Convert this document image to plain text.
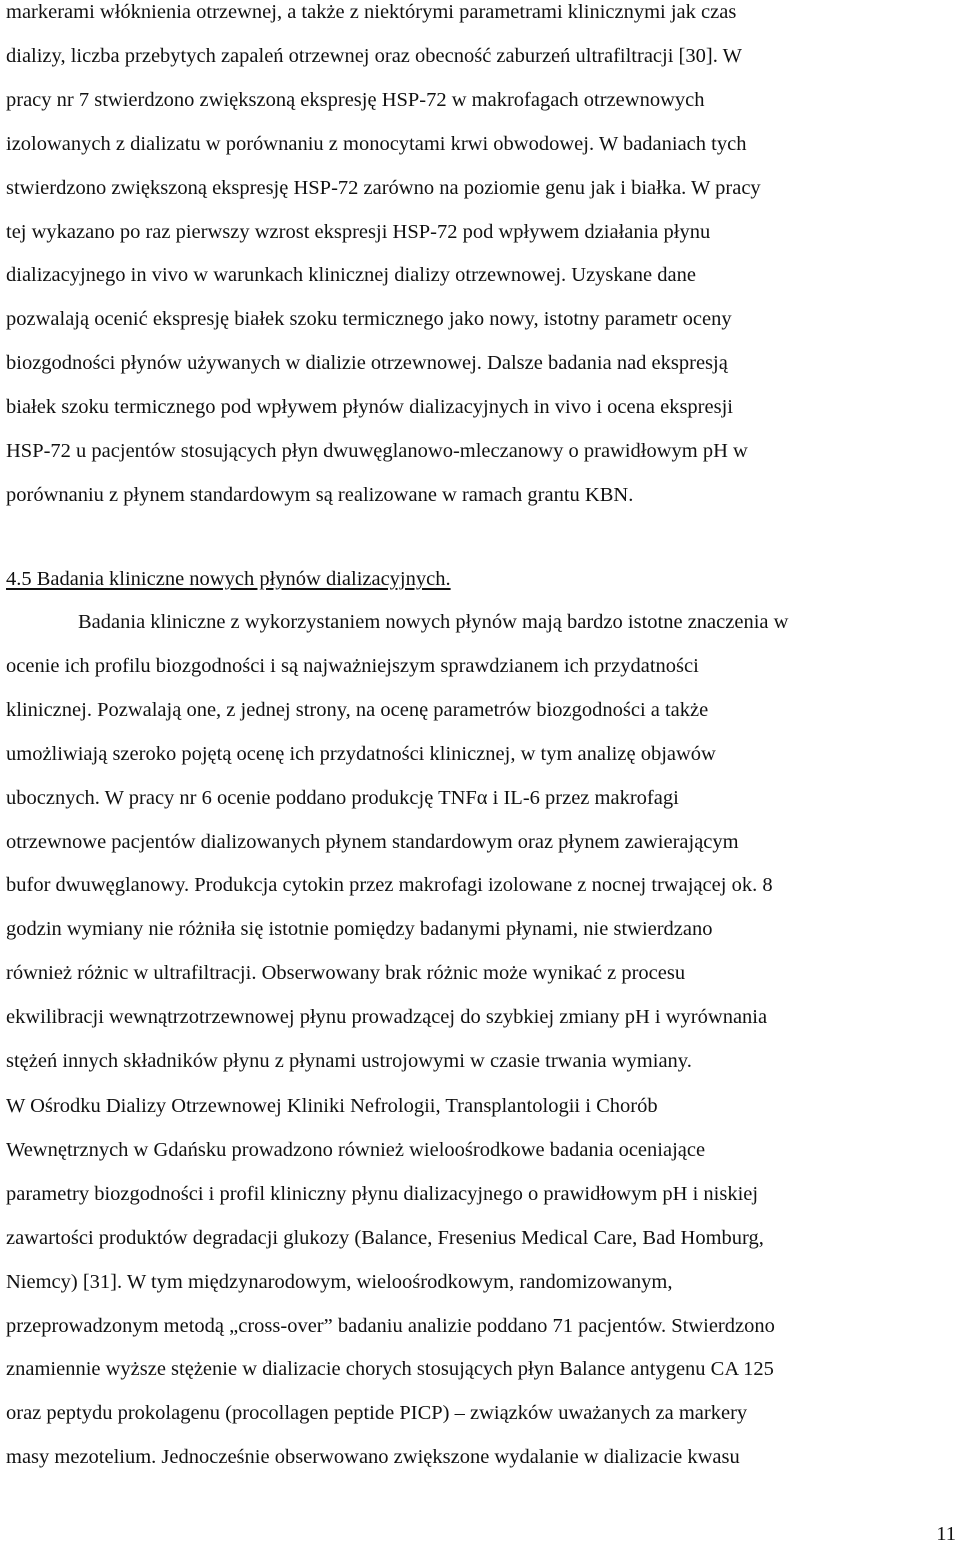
markerami włóknienia otrzewnej, a także z niektórymi parametrami klinicznymi jak czas
dializy, liczba przebytych zapaleń otrzewnej oraz obecność zaburzeń ultrafiltracji [30]. W
pracy nr 7 stwierdzono zwiększoną ekspresję HSP-72 w makrofagach otrzewnowych
izolowanych z dializatu w porównaniu z monocytami krwi obwodowej. W badaniach tych
stwierdzono zwiększoną ekspresję HSP-72 zarówno na poziomie genu jak i białka. W pracy
tej wykazano po raz pierwszy wzrost ekspresji HSP-72 pod wpływem działania płynu
dializacyjnego in vivo w warunkach klinicznej dializy otrzewnowej. Uzyskane dane
pozwalają ocenić ekspresję białek szoku termicznego jako nowy, istotny parametr oceny
biozgodności płynów używanych w dializie otrzewnowej. Dalsze badania nad ekspresją
białek szoku termicznego pod wpływem płynów dializacyjnych in vivo i ocena ekspresji
HSP-72 u pacjentów stosujących płyn dwuwęglanowo-mleczanowy o prawidłowym pH w
porównaniu z płynem standardowym są realizowane w ramach grantu KBN.
4.5 Badania kliniczne nowych płynów dializacyjnych.
Badania kliniczne z wykorzystaniem nowych płynów mają bardzo istotne znaczenia w
ocenie ich profilu biozgodności i są najważniejszym sprawdzianem ich przydatności
klinicznej. Pozwalają one, z jednej strony, na ocenę parametrów biozgodności a także
umożliwiają szeroko pojętą ocenę ich przydatności klinicznej, w tym analizę objawów
ubocznych. W pracy nr 6 ocenie poddano produkcję TNFα i IL-6 przez makrofagi
otrzewnowe pacjentów dializowanych płynem standardowym oraz płynem zawierającym
bufor dwuwęglanowy. Produkcja cytokin przez makrofagi izolowane z nocnej trwającej ok. 8
godzin wymiany nie różniła się istotnie pomiędzy badanymi płynami, nie stwierdzano
również różnic w ultrafiltracji. Obserwowany brak różnic może wynikać z procesu
ekwilibracji wewnątrzotrzewnowej płynu prowadzącej do szybkiej zmiany pH i wyrównania
stężeń innych składników płynu z płynami ustrojowymi w czasie trwania wymiany.
W Ośrodku Dializy Otrzewnowej Kliniki Nefrologii, Transplantologii i Chorób
Wewnętrznych w Gdańsku prowadzono również wieloośrodkowe badania oceniające
parametry biozgodności i profil kliniczny płynu dializacyjnego o prawidłowym pH i niskiej
zawartości produktów degradacji glukozy (Balance, Fresenius Medical Care, Bad Homburg,
Niemcy) [31]. W tym międzynarodowym, wieloośrodkowym, randomizowanym,
przeprowadzonym metodą „cross-over” badaniu analizie poddano 71 pacjentów. Stwierdzono
znamiennie wyższe stężenie w dializacie chorych stosujących płyn Balance antygenu CA 125
oraz peptydu prokolagenu (procollagen peptide PICP) – związków uważanych za markery
masy mezotelium. Jednocześnie obserwowano zwiększone wydalanie w dializacie kwasu
11
